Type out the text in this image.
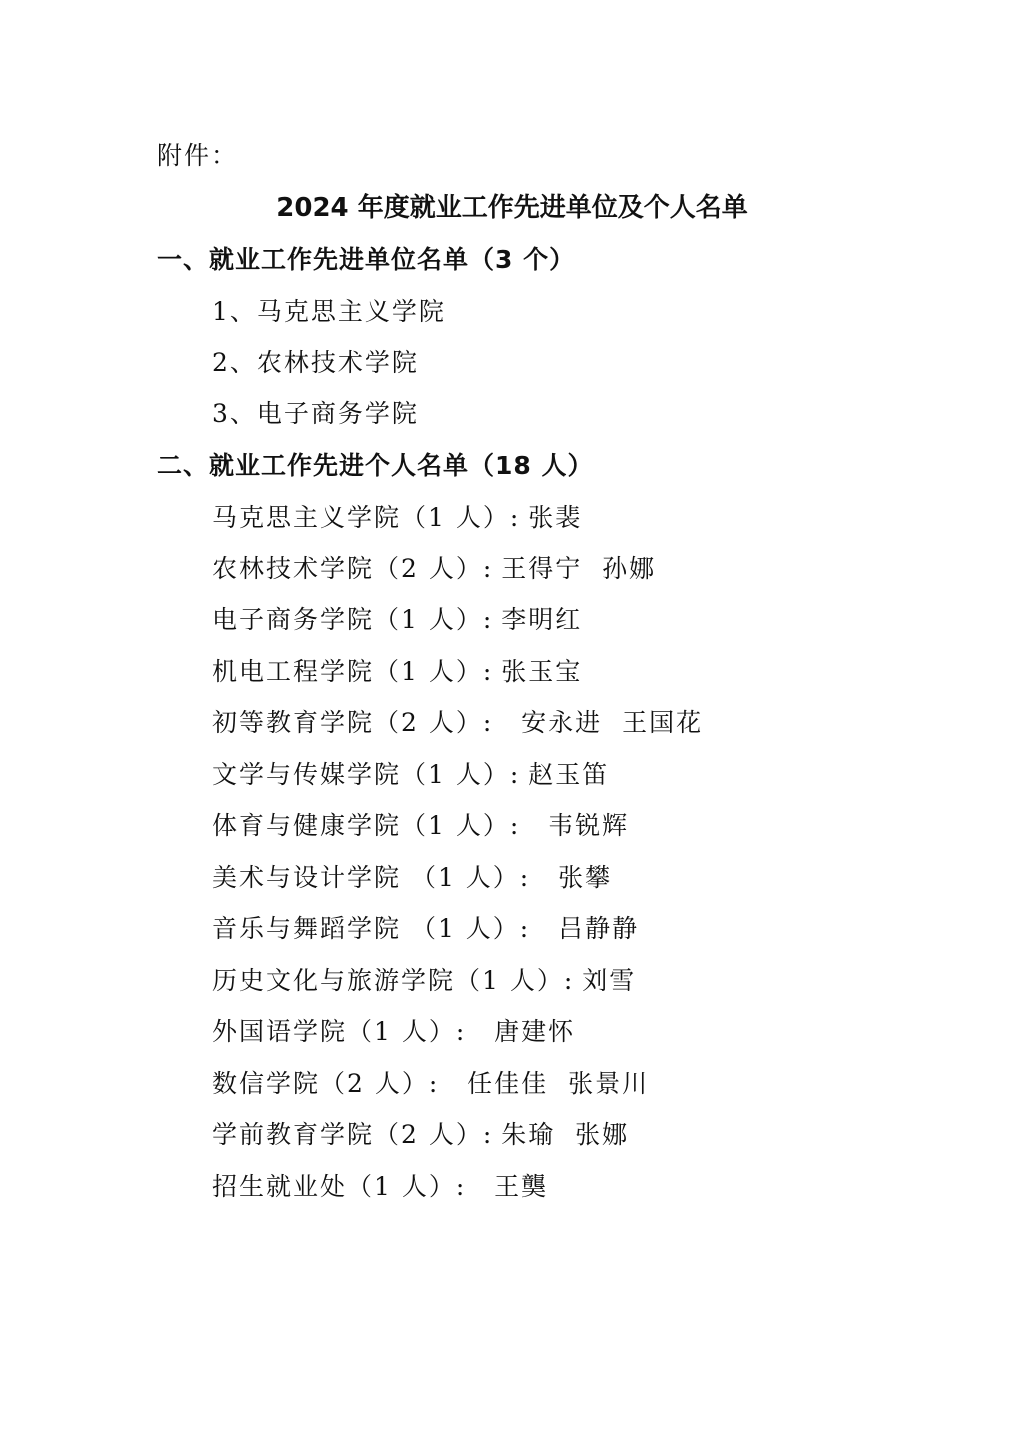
附件：
2024 年度就业工作先进单位及个人名单
一、就业工作先进单位名单（3 个）
1、马克思主义学院
2、农林技术学院
3、电子商务学院
二、就业工作先进个人名单（18 人）
马克思主义学院（1 人）: 张裴
农林技术学院（2 人）: 王得宁  孙娜
电子商务学院（1 人）: 李明红
机电工程学院（1 人）: 张玉宝
初等教育学院（2 人）:  安永进  王国花
文学与传媒学院（1 人）: 赵玉笛
体育与健康学院（1 人）:  韦锐辉
美术与设计学院 （1 人）:  张攀
音乐与舞蹈学院 （1 人）:  吕静静
历史文化与旅游学院（1 人）: 刘雪
外国语学院（1 人）:  唐建怀
数信学院（2 人）:  任佳佳  张景川
学前教育学院（2 人）: 朱瑜  张娜
招生就业处（1 人）:  王龑
